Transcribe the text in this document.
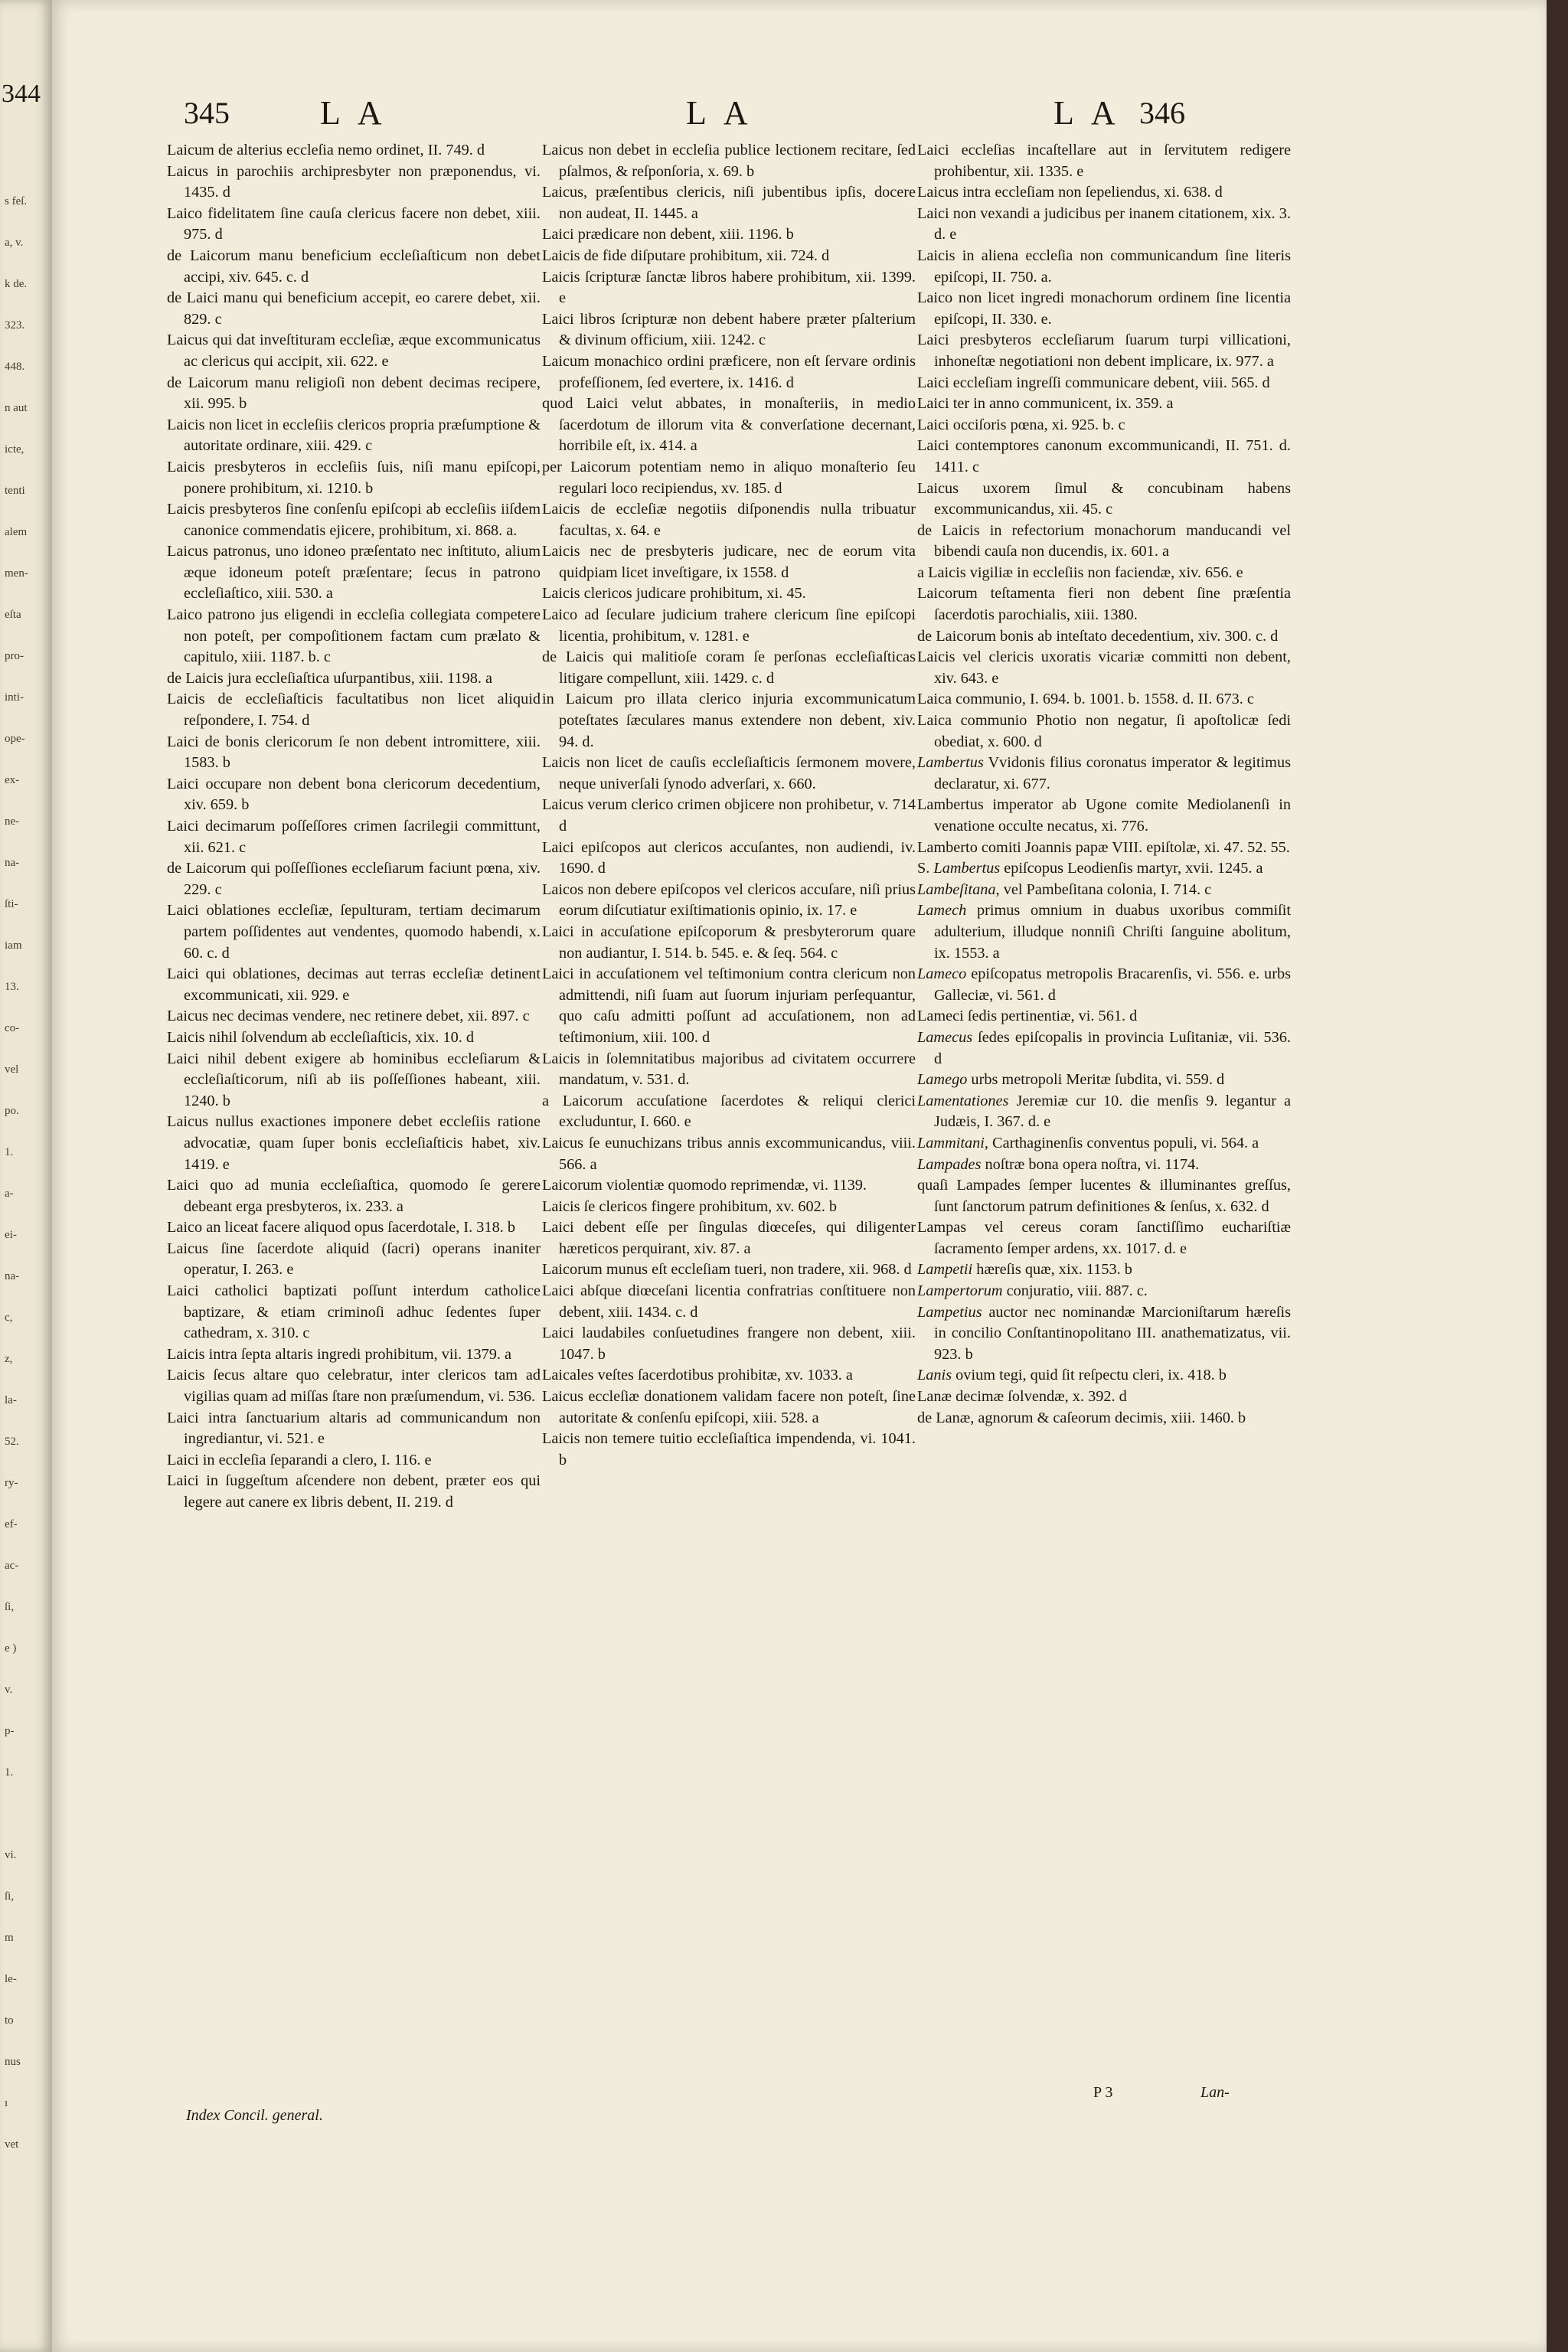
344
s feſ.
a, v.
k de.
323.
448.
n aut
icte,
tenti
alem
men-
eſta
pro-
inti-
ope-
ex-
ne-
na-
ſti-
iam
13.
co-
vel
po.
1.
a-
ei-
na-
c,
z,
la-
52.
ry-
ef-
ac-
ſi,
e )
v.
p-
1.
vi.
ſi,
m
le-
to
nus
ı
vet
345	LA	LA	LA 346

Laicum de alterius eccleſia nemo ordinet, II. 749. d

Laicus in parochiis archipresbyter non præponendus, vi. 1435. d

Laico fidelitatem ſine cauſa clericus facere non debet, xiii. 975. d

de Laicorum manu beneficium eccleſiaſticum non debet accipi, xiv. 645. c. d

de Laici manu qui beneficium accepit, eo carere debet, xii. 829. c

Laicus qui dat inveſtituram eccleſiæ, æque excommunicatus ac clericus qui accipit, xii. 622. e

de Laicorum manu religioſi non debent decimas recipere, xii. 995. b

Laicis non licet in eccleſiis clericos propria præſumptione & autoritate ordinare, xiii. 429. c

Laicis presbyteros in eccleſiis ſuis, niſi manu epiſcopi, ponere prohibitum, xi. 1210. b

Laicis presbyteros ſine conſenſu epiſcopi ab eccleſiis iiſdem canonice commendatis ejicere, prohibitum, xi. 868. a.

Laicus patronus, uno idoneo præſentato nec inſtituto, alium æque idoneum poteſt præſentare; ſecus in patrono eccleſiaſtico, xiii. 530. a

Laico patrono jus eligendi in eccleſia collegiata competere non poteſt, per compoſitionem factam cum prælato & capitulo, xiii. 1187. b. c

de Laicis jura eccleſiaſtica uſurpantibus, xiii. 1198. a

Laicis de eccleſiaſticis facultatibus non licet aliquid reſpondere, I. 754. d

Laici de bonis clericorum ſe non debent intromittere, xiii. 1583. b

Laici occupare non debent bona clericorum decedentium, xiv. 659. b

Laici decimarum poſſeſſores crimen ſacrilegii committunt, xii. 621. c

de Laicorum qui poſſeſſiones eccleſiarum faciunt pœna, xiv. 229. c

Laici oblationes eccleſiæ, ſepulturam, tertiam decimarum partem poſſidentes aut vendentes, quomodo habendi, x. 60. c. d

Laici qui oblationes, decimas aut terras eccleſiæ detinent excommunicati, xii. 929. e

Laicus nec decimas vendere, nec retinere debet, xii. 897. c

Laicis nihil ſolvendum ab eccleſiaſticis, xix. 10. d

Laici nihil debent exigere ab hominibus eccleſiarum & eccleſiaſticorum, niſi ab iis poſſeſſiones habeant, xiii. 1240. b

Laicus nullus exactiones imponere debet eccleſiis ratione advocatiæ, quam ſuper bonis eccleſiaſticis habet, xiv. 1419. e

Laici quo ad munia eccleſiaſtica, quomodo ſe gerere debeant erga presbyteros, ix. 233. a

Laico an liceat facere aliquod opus ſacerdotale, I. 318. b

Laicus ſine ſacerdote aliquid (ſacri) operans inaniter operatur, I. 263. e

Laici catholici baptizati poſſunt interdum catholice baptizare, & etiam criminoſi adhuc ſedentes ſuper cathedram, x. 310. c

Laicis intra ſepta altaris ingredi prohibitum, vii. 1379. a

Laicis ſecus altare quo celebratur, inter clericos tam ad vigilias quam ad miſſas ſtare non præſumendum, vi. 536.

Laici intra ſanctuarium altaris ad communicandum non ingrediantur, vi. 521. e

Laici in eccleſia ſeparandi a clero, I. 116. e

Laici in ſuggeſtum aſcendere non debent, præter eos qui legere aut canere ex libris debent, II. 219. d

Laicus non debet in eccleſia publice lectionem recitare, ſed pſalmos, & reſponſoria, x. 69. b

Laicus, præſentibus clericis, niſi jubentibus ipſis, docere non audeat, II. 1445. a

Laici prædicare non debent, xiii. 1196. b

Laicis de fide diſputare prohibitum, xii. 724. d

Laicis ſcripturæ ſanctæ libros habere prohibitum, xii. 1399. e

Laici libros ſcripturæ non debent habere præter pſalterium & divinum officium, xiii. 1242. c

Laicum monachico ordini præficere, non eſt ſervare ordinis profeſſionem, ſed evertere, ix. 1416. d

quod Laici velut abbates, in monaſteriis, in medio ſacerdotum de illorum vita & converſatione decernant, horribile eſt, ix. 414. a

per Laicorum potentiam nemo in aliquo monaſterio ſeu regulari loco recipiendus, xv. 185. d

Laicis de eccleſiæ negotiis diſponendis nulla tribuatur facultas, x. 64. e

Laicis nec de presbyteris judicare, nec de eorum vita quidpiam licet inveſtigare, ix 1558. d

Laicis clericos judicare prohibitum, xi. 45.

Laico ad ſeculare judicium trahere clericum ſine epiſcopi licentia, prohibitum, v. 1281. e

de Laicis qui malitioſe coram ſe perſonas eccleſiaſticas litigare compellunt, xiii. 1429. c. d

in Laicum pro illata clerico injuria excommunicatum poteſtates ſæculares manus extendere non debent, xiv. 94. d.

Laicis non licet de cauſis eccleſiaſticis ſermonem movere, neque univerſali ſynodo adverſari, x. 660.

Laicus verum clerico crimen objicere non prohibetur, v. 714 d

Laici epiſcopos aut clericos accuſantes, non audiendi, iv. 1690. d

Laicos non debere epiſcopos vel clericos accuſare, niſi prius eorum diſcutiatur exiſtimationis opinio, ix. 17. e

Laici in accuſatione epiſcoporum & presbyterorum quare non audiantur, I. 514. b. 545. e. & ſeq. 564. c

Laici in accuſationem vel teſtimonium contra clericum non admittendi, niſi ſuam aut ſuorum injuriam perſequantur, quo caſu admitti poſſunt ad accuſationem, non ad teſtimonium, xiii. 100. d

Laicis in ſolemnitatibus majoribus ad civitatem occurrere mandatum, v. 531. d.

a Laicorum accuſatione ſacerdotes & reliqui clerici excluduntur, I. 660. e

Laicus ſe eunuchizans tribus annis excommunicandus, viii. 566. a

Laicorum violentiæ quomodo reprimendæ, vi. 1139.

Laicis ſe clericos fingere prohibitum, xv. 602. b

Laici debent eſſe per ſingulas diœceſes, qui diligenter hæreticos perquirant, xiv. 87. a

Laicorum munus eſt eccleſiam tueri, non tradere, xii. 968. d

Laici abſque diœceſani licentia confratrias conſtituere non debent, xiii. 1434. c. d

Laici laudabiles conſuetudines frangere non debent, xiii. 1047. b

Laicales veſtes ſacerdotibus prohibitæ, xv. 1033. a

Laicus eccleſiæ donationem validam facere non poteſt, ſine autoritate & conſenſu epiſcopi, xiii. 528. a

Laicis non temere tuitio eccleſiaſtica impendenda, vi. 1041. b

Laici eccleſias incaſtellare aut in ſervitutem redigere prohibentur, xii. 1335. e

Laicus intra eccleſiam non ſepeliendus, xi. 638. d

Laici non vexandi a judicibus per inanem citationem, xix. 3. d. e

Laicis in aliena eccleſia non communicandum ſine literis epiſcopi, II. 750. a.

Laico non licet ingredi monachorum ordinem ſine licentia epiſcopi, II. 330. e.

Laici presbyteros eccleſiarum ſuarum turpi villicationi, inhoneſtæ negotiationi non debent implicare, ix. 977. a

Laici eccleſiam ingreſſi communicare debent, viii. 565. d

Laici ter in anno communicent, ix. 359. a

Laici occiſoris pœna, xi. 925. b. c

Laici contemptores canonum excommunicandi, II. 751. d. 1411. c

Laicus uxorem ſimul & concubinam habens excommunicandus, xii. 45. c

de Laicis in refectorium monachorum manducandi vel bibendi cauſa non ducendis, ix. 601. a

a Laicis vigiliæ in eccleſiis non faciendæ, xiv. 656. e

Laicorum teſtamenta fieri non debent ſine præſentia ſacerdotis parochialis, xiii. 1380.

de Laicorum bonis ab inteſtato decedentium, xiv. 300. c. d

Laicis vel clericis uxoratis vicariæ committi non debent, xiv. 643. e

Laica communio, I. 694. b. 1001. b. 1558. d. II. 673. c

Laica communio Photio non negatur, ſi apoſtolicæ ſedi obediat, x. 600. d

Lambertus Vvidonis filius coronatus imperator & legitimus declaratur, xi. 677.

Lambertus imperator ab Ugone comite Mediolanenſi in venatione occulte necatus, xi. 776.

Lamberto comiti Joannis papæ VIII. epiſtolæ, xi. 47. 52. 55.

S. Lambertus epiſcopus Leodienſis martyr, xvii. 1245. a

Lambeſitana, vel Pambeſitana colonia, I. 714. c

Lamech primus omnium in duabus uxoribus commiſit adulterium, illudque nonniſi Chriſti ſanguine abolitum, ix. 1553. a

Lameco epiſcopatus metropolis Bracarenſis, vi. 556. e. urbs Galleciæ, vi. 561. d

Lameci ſedis pertinentiæ, vi. 561. d

Lamecus ſedes epiſcopalis in provincia Luſitaniæ, vii. 536. d

Lamego urbs metropoli Meritæ ſubdita, vi. 559. d

Lamentationes Jeremiæ cur 10. die menſis 9. legantur a Judæis, I. 367. d. e

Lammitani, Carthaginenſis conventus populi, vi. 564. a

Lampades noſtræ bona opera noſtra, vi. 1174.

quaſi Lampades ſemper lucentes & illuminantes greſſus, ſunt ſanctorum patrum definitiones & ſenſus, x. 632. d

Lampas vel cereus coram ſanctiſſimo euchariſtiæ ſacramento ſemper ardens, xx. 1017. d. e

Lampetii hæreſis quæ, xix. 1153. b

Lampertorum conjuratio, viii. 887. c.

Lampetius auctor nec nominandæ Marcioniſtarum hæreſis in concilio Conſtantinopolitano III. anathematizatus, vii. 923. b

Lanis ovium tegi, quid ſit reſpectu cleri, ix. 418. b

Lanæ decimæ ſolvendæ, x. 392. d

de Lanæ, agnorum & caſeorum decimis, xiii. 1460. b

Index Concil. general.
P 3	Lan-
